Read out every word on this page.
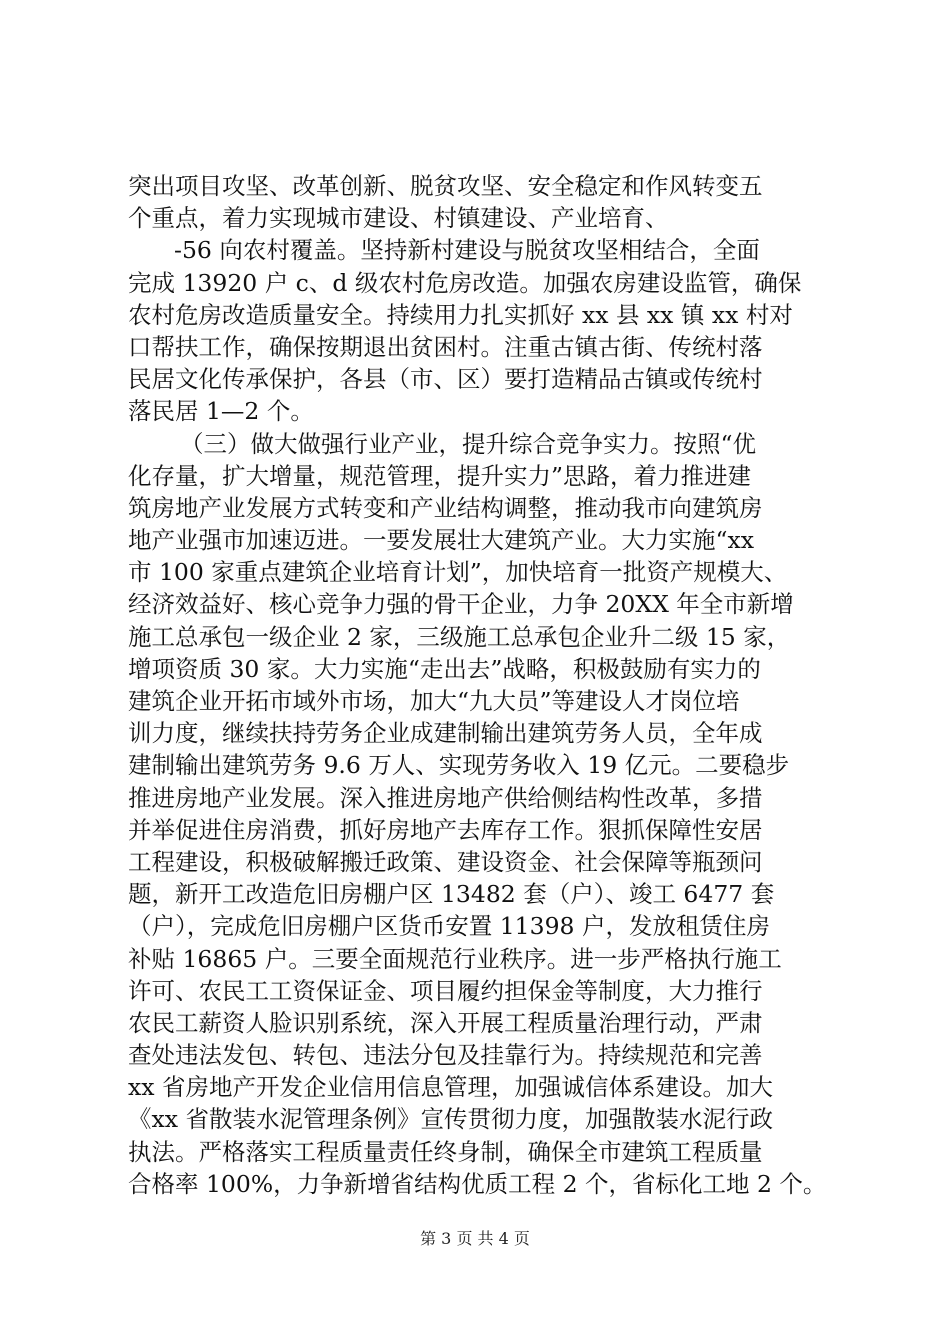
突出项目攻坚、改革创新、脱贫攻坚、安全稳定和作风转变五
个重点，着力实现城市建设、村镇建设、产业培育、
-56 向农村覆盖。坚持新村建设与脱贫攻坚相结合，全面
完成 13920 户 c、d 级农村危房改造。加强农房建设监管，确保
农村危房改造质量安全。持续用力扎实抓好 xx 县 xx 镇 xx 村对
口帮扶工作，确保按期退出贫困村。注重古镇古街、传统村落
民居文化传承保护，各县（市、区）要打造精品古镇或传统村
落民居 1—2 个。
（三）做大做强行业产业，提升综合竞争实力。按照“优
化存量，扩大增量，规范管理，提升实力”思路，着力推进建
筑房地产业发展方式转变和产业结构调整，推动我市向建筑房
地产业强市加速迈进。一要发展壮大建筑产业。大力实施“xx
市 100 家重点建筑企业培育计划”，加快培育一批资产规模大、
经济效益好、核心竞争力强的骨干企业，力争 20XX 年全市新增
施工总承包一级企业 2 家，三级施工总承包企业升二级 15 家，
增项资质 30 家。大力实施“走出去”战略，积极鼓励有实力的
建筑企业开拓市域外市场，加大“九大员”等建设人才岗位培
训力度，继续扶持劳务企业成建制输出建筑劳务人员，全年成
建制输出建筑劳务 9.6 万人、实现劳务收入 19 亿元。二要稳步
推进房地产业发展。深入推进房地产供给侧结构性改革，多措
并举促进住房消费，抓好房地产去库存工作。狠抓保障性安居
工程建设，积极破解搬迁政策、建设资金、社会保障等瓶颈问
题，新开工改造危旧房棚户区 13482 套（户）、竣工 6477 套
（户），完成危旧房棚户区货币安置 11398 户，发放租赁住房
补贴 16865 户。三要全面规范行业秩序。进一步严格执行施工
许可、农民工工资保证金、项目履约担保金等制度，大力推行
农民工薪资人脸识别系统，深入开展工程质量治理行动，严肃
查处违法发包、转包、违法分包及挂靠行为。持续规范和完善
xx 省房地产开发企业信用信息管理，加强诚信体系建设。加大
《xx 省散装水泥管理条例》宣传贯彻力度，加强散装水泥行政
执法。严格落实工程质量责任终身制，确保全市建筑工程质量
合格率 100%，力争新增省结构优质工程 2 个，省标化工地 2 个。
第 3 页 共 4 页
